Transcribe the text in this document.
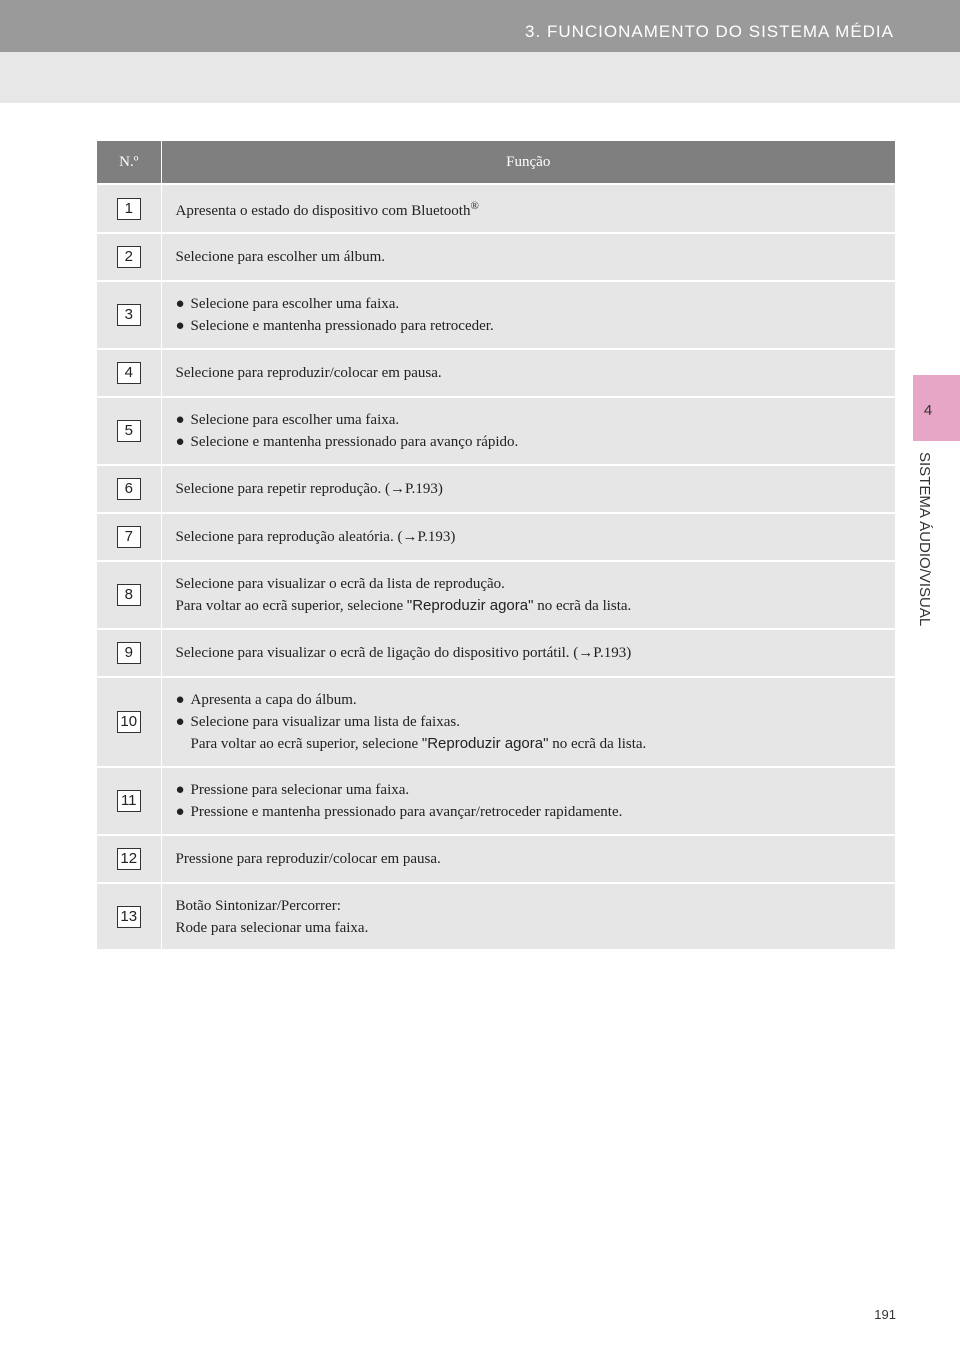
3. FUNCIONAMENTO DO SISTEMA MÉDIA
4
SISTEMA ÁUDIO/VISUAL
N.º	Função
1	Apresenta o estado do dispositivo com Bluetooth®
2	Selecione para escolher um álbum.
3	● Selecione para escolher uma faixa.
● Selecione e mantenha pressionado para retroceder.

4	Selecione para reproduzir/colocar em pausa.
5	● Selecione para escolher uma faixa.
● Selecione e mantenha pressionado para avanço rápido.

6	Selecione para repetir reprodução. (→P.193)
7	Selecione para reprodução aleatória. (→P.193)
8	Selecione para visualizar o ecrã da lista de reprodução.
Para voltar ao ecrã superior, selecione "Reproduzir agora" no ecrã da lista.

9	Selecione para visualizar o ecrã de ligação do dispositivo portátil. (→P.193)
10	● Apresenta a capa do álbum.
● Selecione para visualizar uma lista de faixas.
Para voltar ao ecrã superior, selecione "Reproduzir agora" no ecrã da lista.

11	● Pressione para selecionar uma faixa.
● Pressione e mantenha pressionado para avançar/retroceder rapidamente.

12	Pressione para reproduzir/colocar em pausa.
13	Botão Sintonizar/Percorrer:
Rode para selecionar uma faixa.
191
